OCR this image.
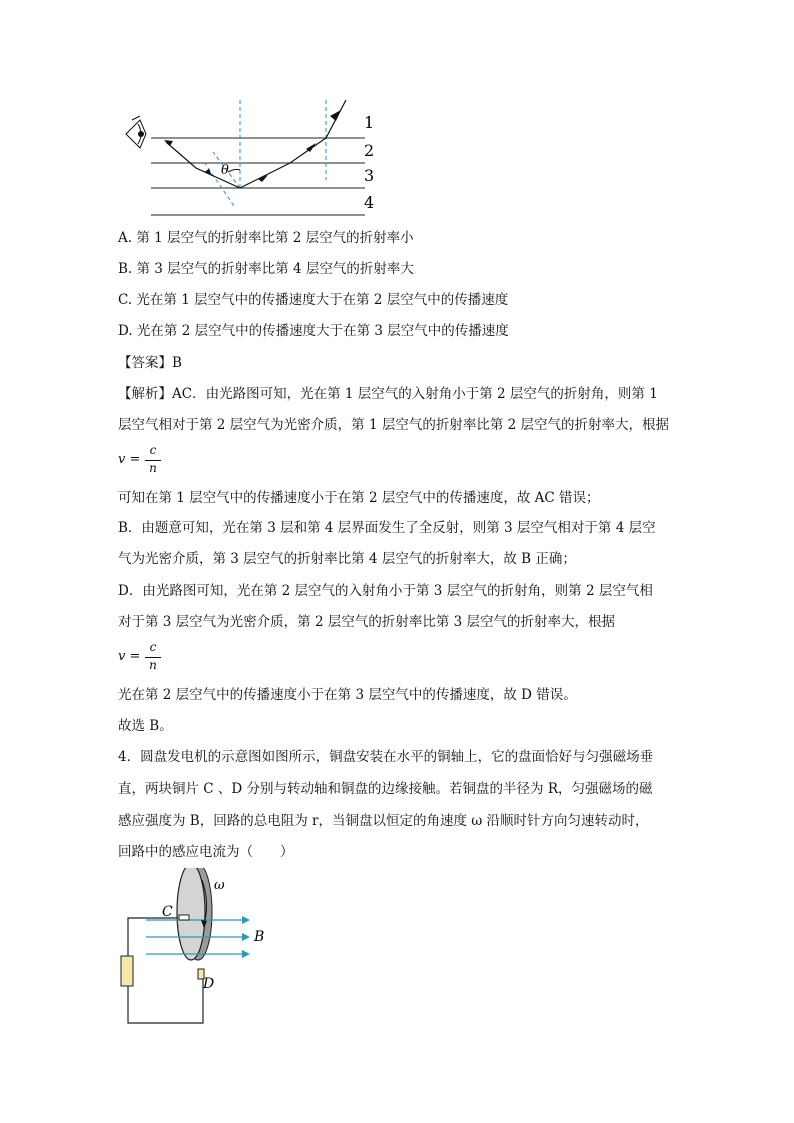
θ
1
2
3
4
A. 第 1 层空气的折射率比第 2 层空气的折射率小
B. 第 3 层空气的折射率比第 4 层空气的折射率大
C. 光在第 1 层空气中的传播速度大于在第 2 层空气中的传播速度
D. 光在第 2 层空气中的传播速度大于在第 3 层空气中的传播速度
【答案】B
【解析】AC．由光路图可知，光在第 1 层空气的入射角小于第 2 层空气的折射角，则第 1
层空气相对于第 2 层空气为光密介质，第 1 层空气的折射率比第 2 层空气的折射率大，根据
v =
c
n
可知在第 1 层空气中的传播速度小于在第 2 层空气中的传播速度，故 AC 错误；
B．由题意可知，光在第 3 层和第 4 层界面发生了全反射，则第 3 层空气相对于第 4 层空
气为光密介质，第 3 层空气的折射率比第 4 层空气的折射率大，故 B 正确；
D．由光路图可知，光在第 2 层空气的入射角小于第 3 层空气的折射角，则第 2 层空气相
对于第 3 层空气为光密介质，第 2 层空气的折射率比第 3 层空气的折射率大，根据
v =
c
n
光在第 2 层空气中的传播速度小于在第 3 层空气中的传播速度，故 D 错误。
故选 B。
4．圆盘发电机的示意图如图所示，铜盘安装在水平的铜轴上，它的盘面恰好与匀强磁场垂
直，两块铜片 C 、D 分别与转动轴和铜盘的边缘接触。若铜盘的半径为 R，匀强磁场的磁
感应强度为 B，回路的总电阻为 r，当铜盘以恒定的角速度 ω 沿顺时针方向匀速转动时，
回路中的感应电流为（　　）
ω
C
B
D
